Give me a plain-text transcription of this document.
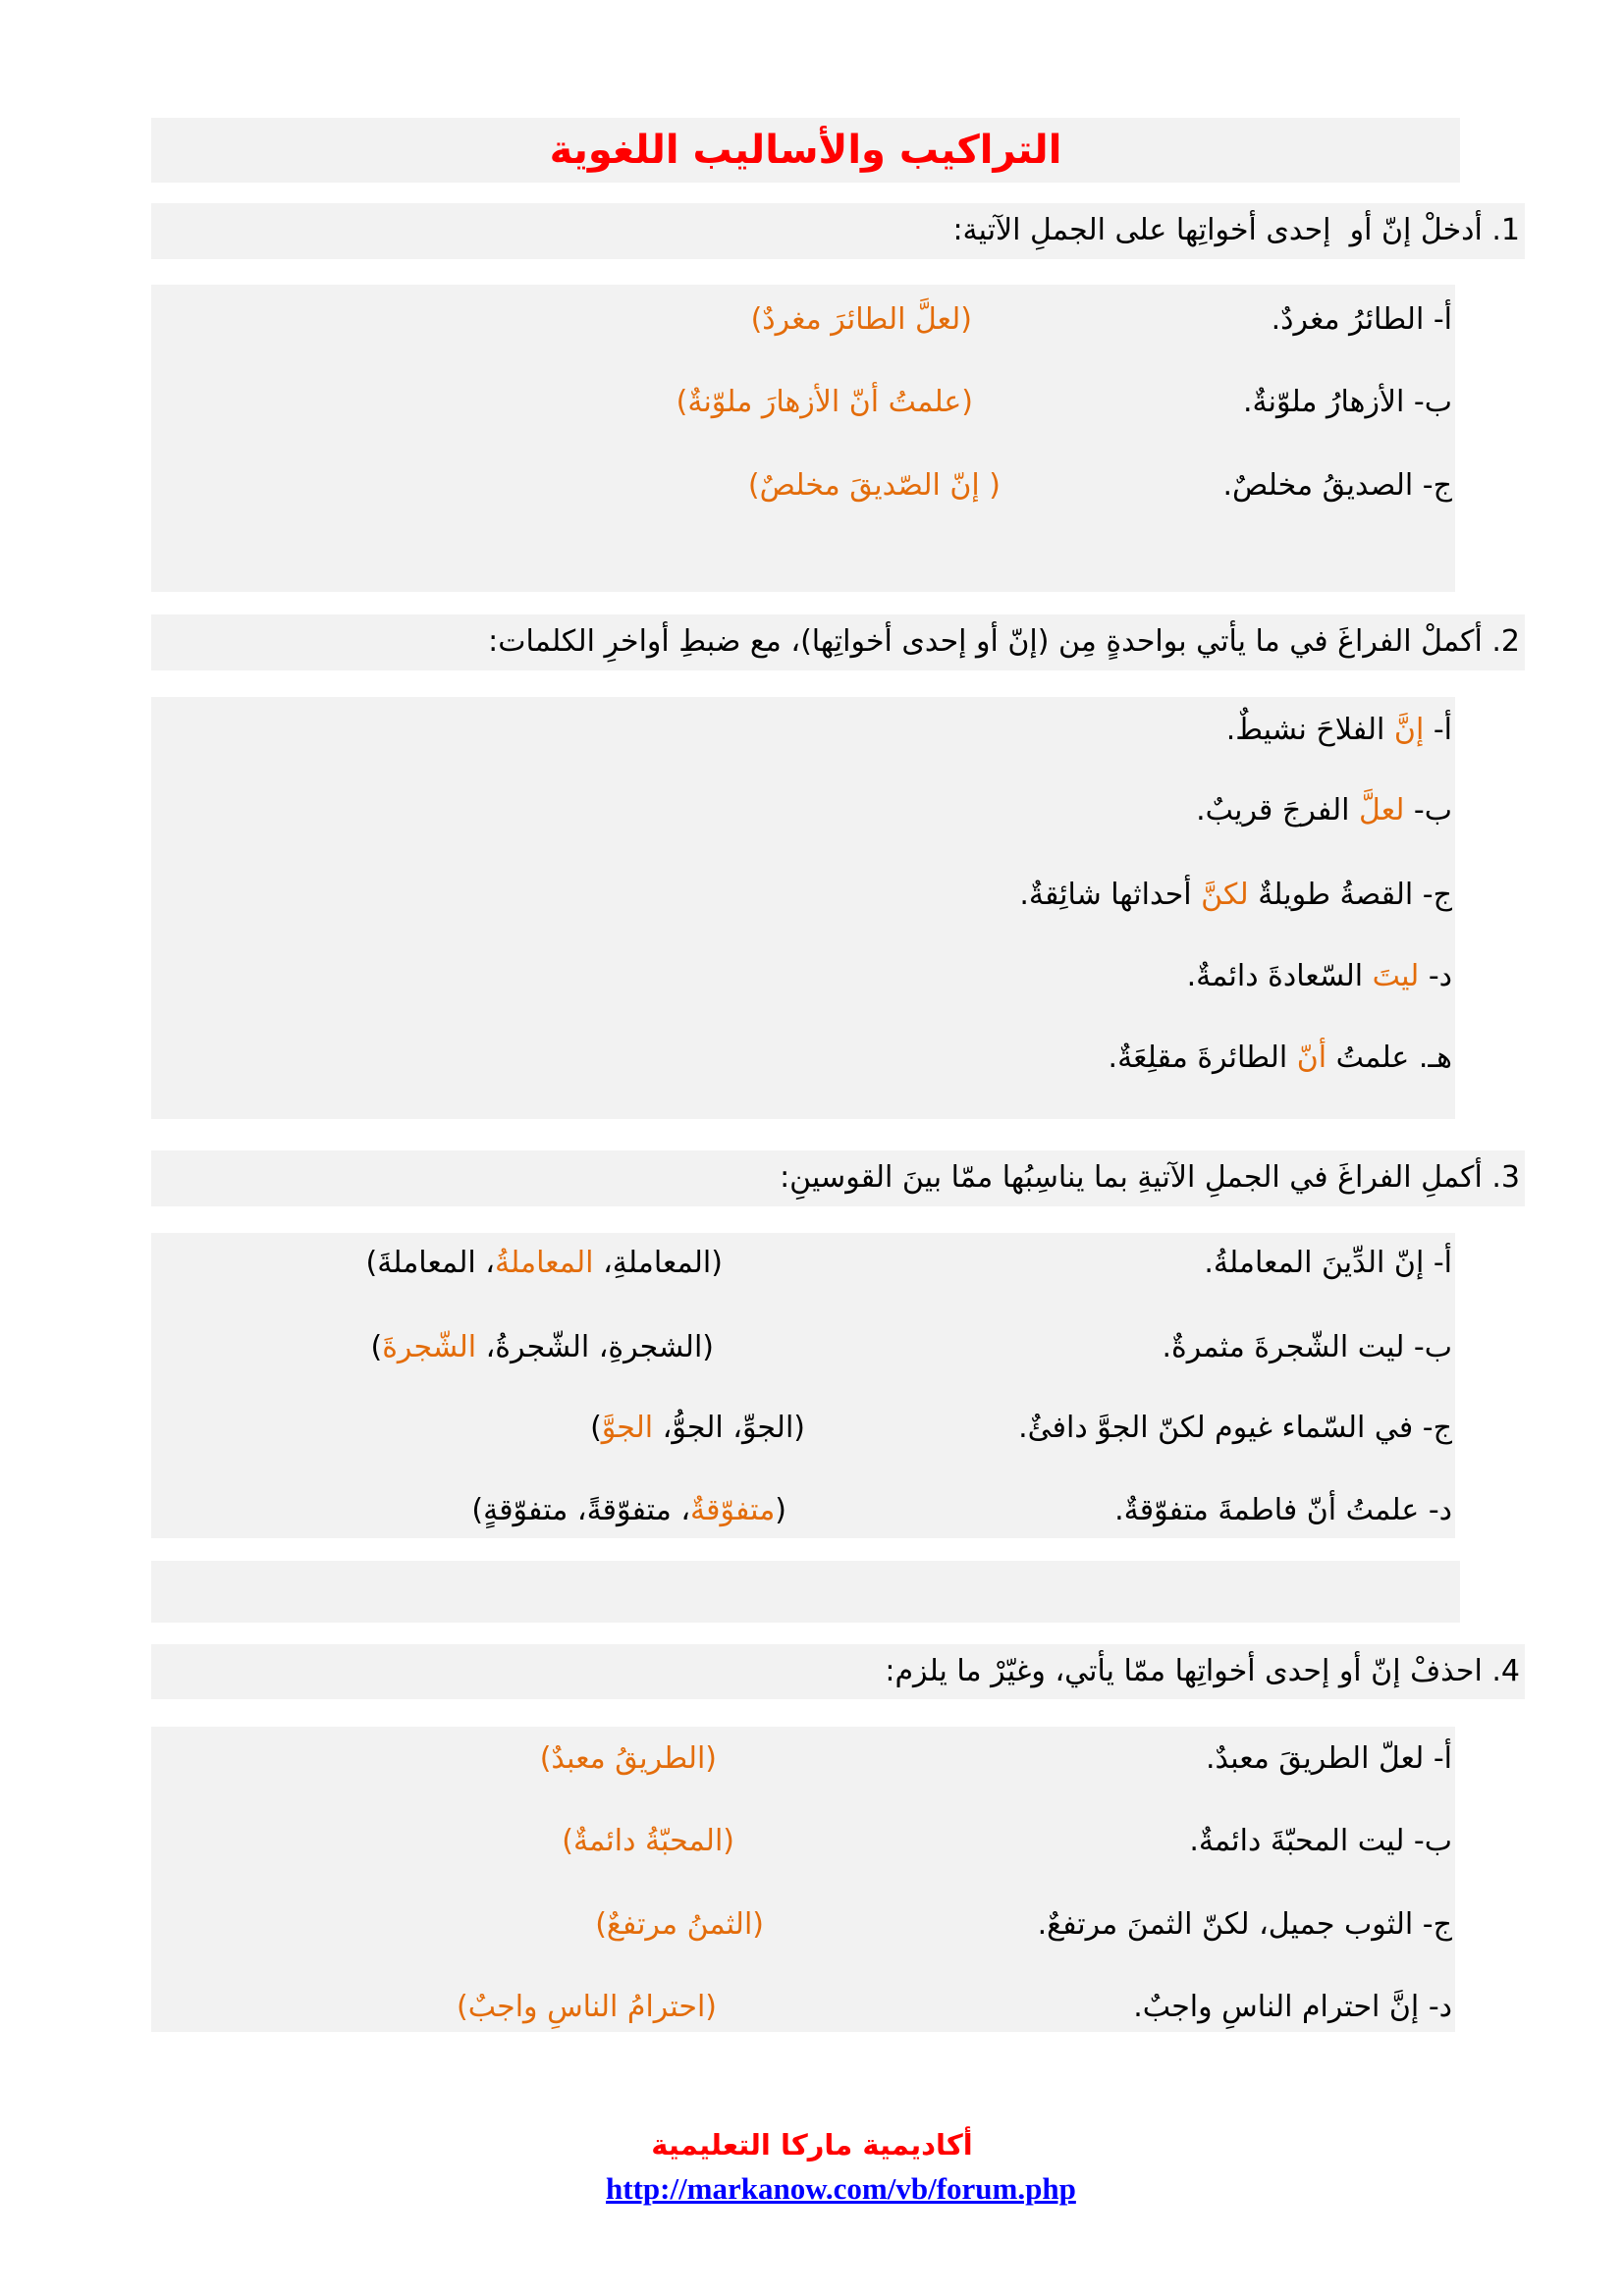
التراكيب والأساليب اللغوية
1. أدخلْ إنّ أو  إحدى أخواتِها على الجملِ الآتية:
أ- الطائرُ مغردٌ.
(لعلَّ الطائرَ مغردٌ)
ب- الأزهارُ ملوّنةٌ.
(علمتُ أنّ الأزهارَ ملوّنةٌ)
ج- الصديقُ مخلصٌ.
( إنّ الصّديقَ مخلصٌ)
2. أكملْ الفراغَ في ما يأتي بواحدةٍ مِن (إنّ أو إحدى أخواتِها)، مع ضبطِ أواخرِ الكلمات:
أ- إنَّ الفلاحَ نشيطٌ.
ب- لعلَّ الفرجَ قريبٌ.
ج- القصةُ طويلةٌ لكنَّ أحداثها شائِقةٌ.
د- ليتَ السّعادةَ دائمةٌ.
هـ. علمتُ أنّ الطائرةَ مقلِعَةٌ.
3. أكملِ الفراغَ في الجملِ الآتيةِ بما يناسِبُها ممّا بينَ القوسينِ:
أ- إنّ الدِّينَ المعاملةُ.
(المعاملةِ، المعاملةُ، المعاملةَ)
ب- ليت الشّجرةَ مثمرةٌ.
(الشجرةِ، الشّجرةُ، الشّجرةَ)
ج- في السّماء غيوم لكنّ الجوَّ دافئٌ.
(الجوِّ، الجوُّ، الجوَّ)
د- علمتُ أنّ فاطمةَ متفوّقةٌ.
(متفوّقةٌ، متفوّقةً، متفوّقةٍ)
4. احذفْ إنّ أو إحدى أخواتِها ممّا يأتي، وغيّرْ ما يلزم:
أ- لعلّ الطريقَ معبدٌ.
(الطريقُ معبدٌ)
ب- ليت المحبّةَ دائمةٌ.
(المحبّةُ دائمةٌ)
ج- الثوب جميل، لكنّ الثمنَ مرتفعٌ.
(الثمنُ مرتفعٌ)
د- إنَّ احترام الناسِ واجبٌ.
(احترامُ الناسِ واجبٌ)
أكاديمية ماركا التعليمية
http://markanow.com/vb/forum.php
